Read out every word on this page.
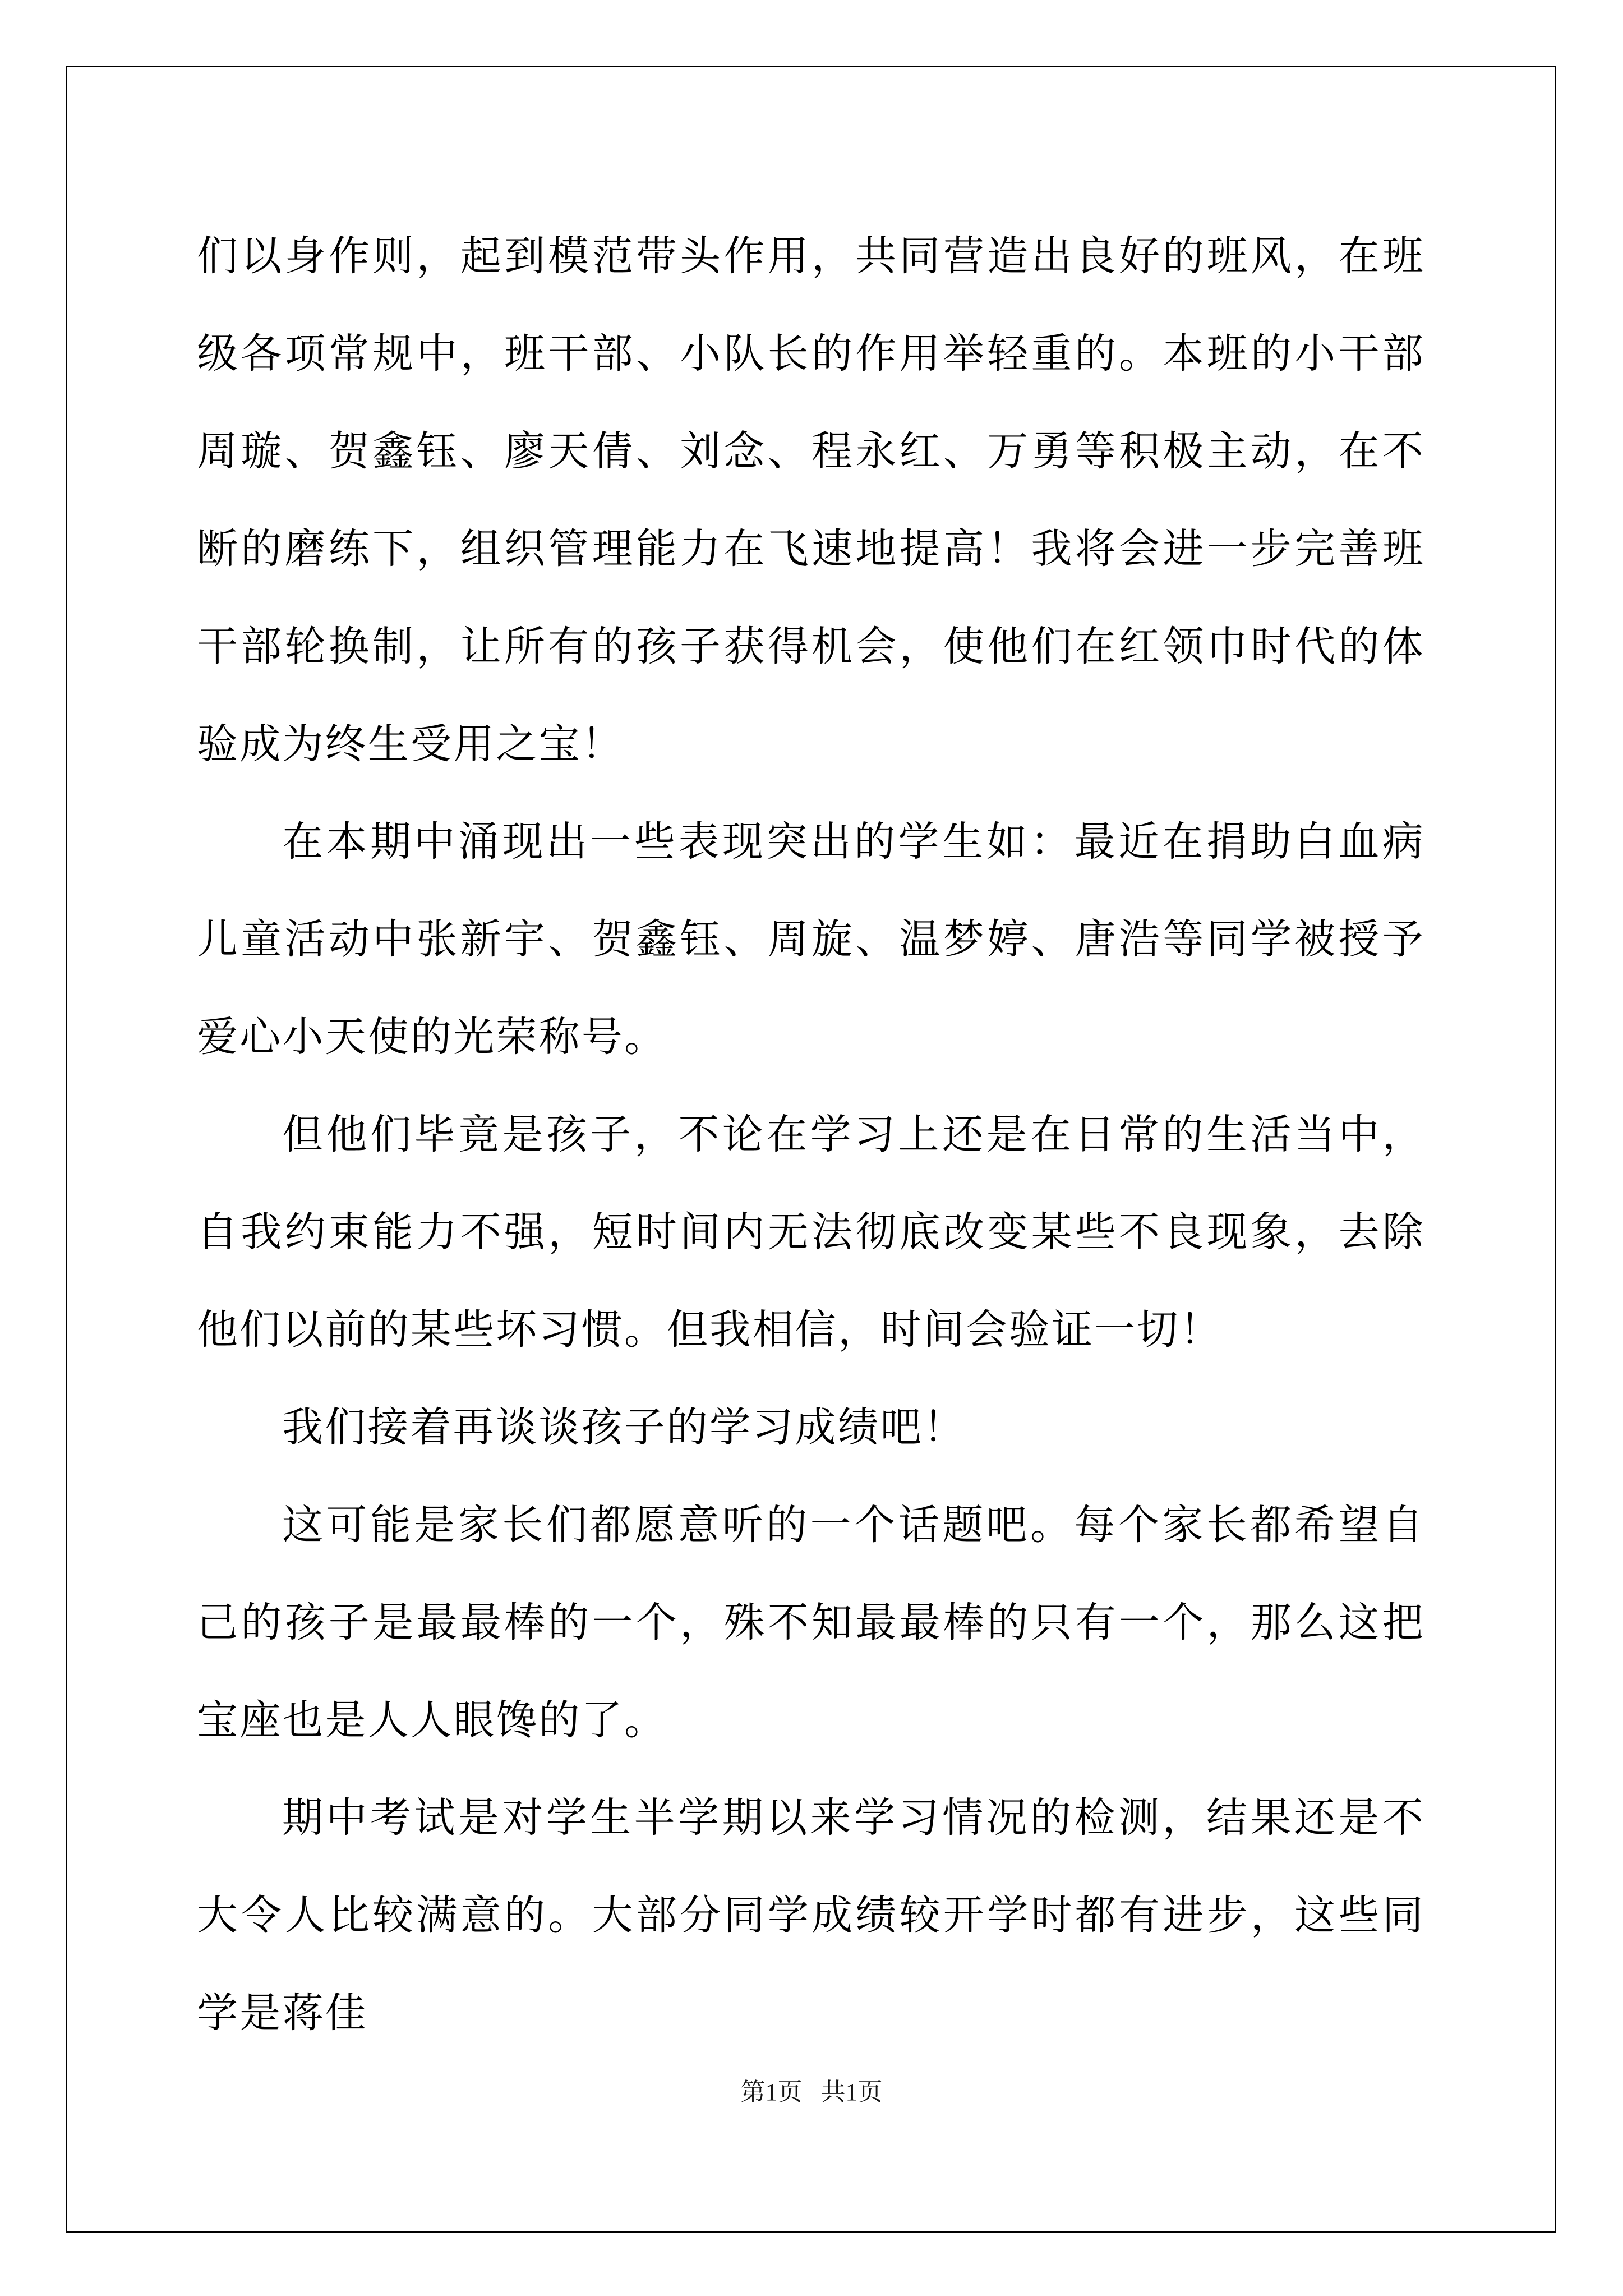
们以身作则，起到模范带头作用，共同营造出良好的班风，在班级各项常规中，班干部、小队长的作用举轻重的。本班的小干部周璇、贺鑫钰、廖天倩、刘念、程永红、万勇等积极主动，在不断的磨练下，组织管理能力在飞速地提高！我将会进一步完善班干部轮换制，让所有的孩子获得机会，使他们在红领巾时代的体验成为终生受用之宝！

在本期中涌现出一些表现突出的学生如：最近在捐助白血病儿童活动中张新宇、贺鑫钰、周旋、温梦婷、唐浩等同学被授予爱心小天使的光荣称号。

但他们毕竟是孩子，不论在学习上还是在日常的生活当中，自我约束能力不强，短时间内无法彻底改变某些不良现象，去除他们以前的某些坏习惯。但我相信，时间会验证一切！

我们接着再谈谈孩子的学习成绩吧！

这可能是家长们都愿意听的一个话题吧。每个家长都希望自己的孩子是最最棒的一个，殊不知最最棒的只有一个，那么这把宝座也是人人眼馋的了。

期中考试是对学生半学期以来学习情况的检测，结果还是不大令人比较满意的。大部分同学成绩较开学时都有进步，这些同学是蒋佳

第1页 共1页
